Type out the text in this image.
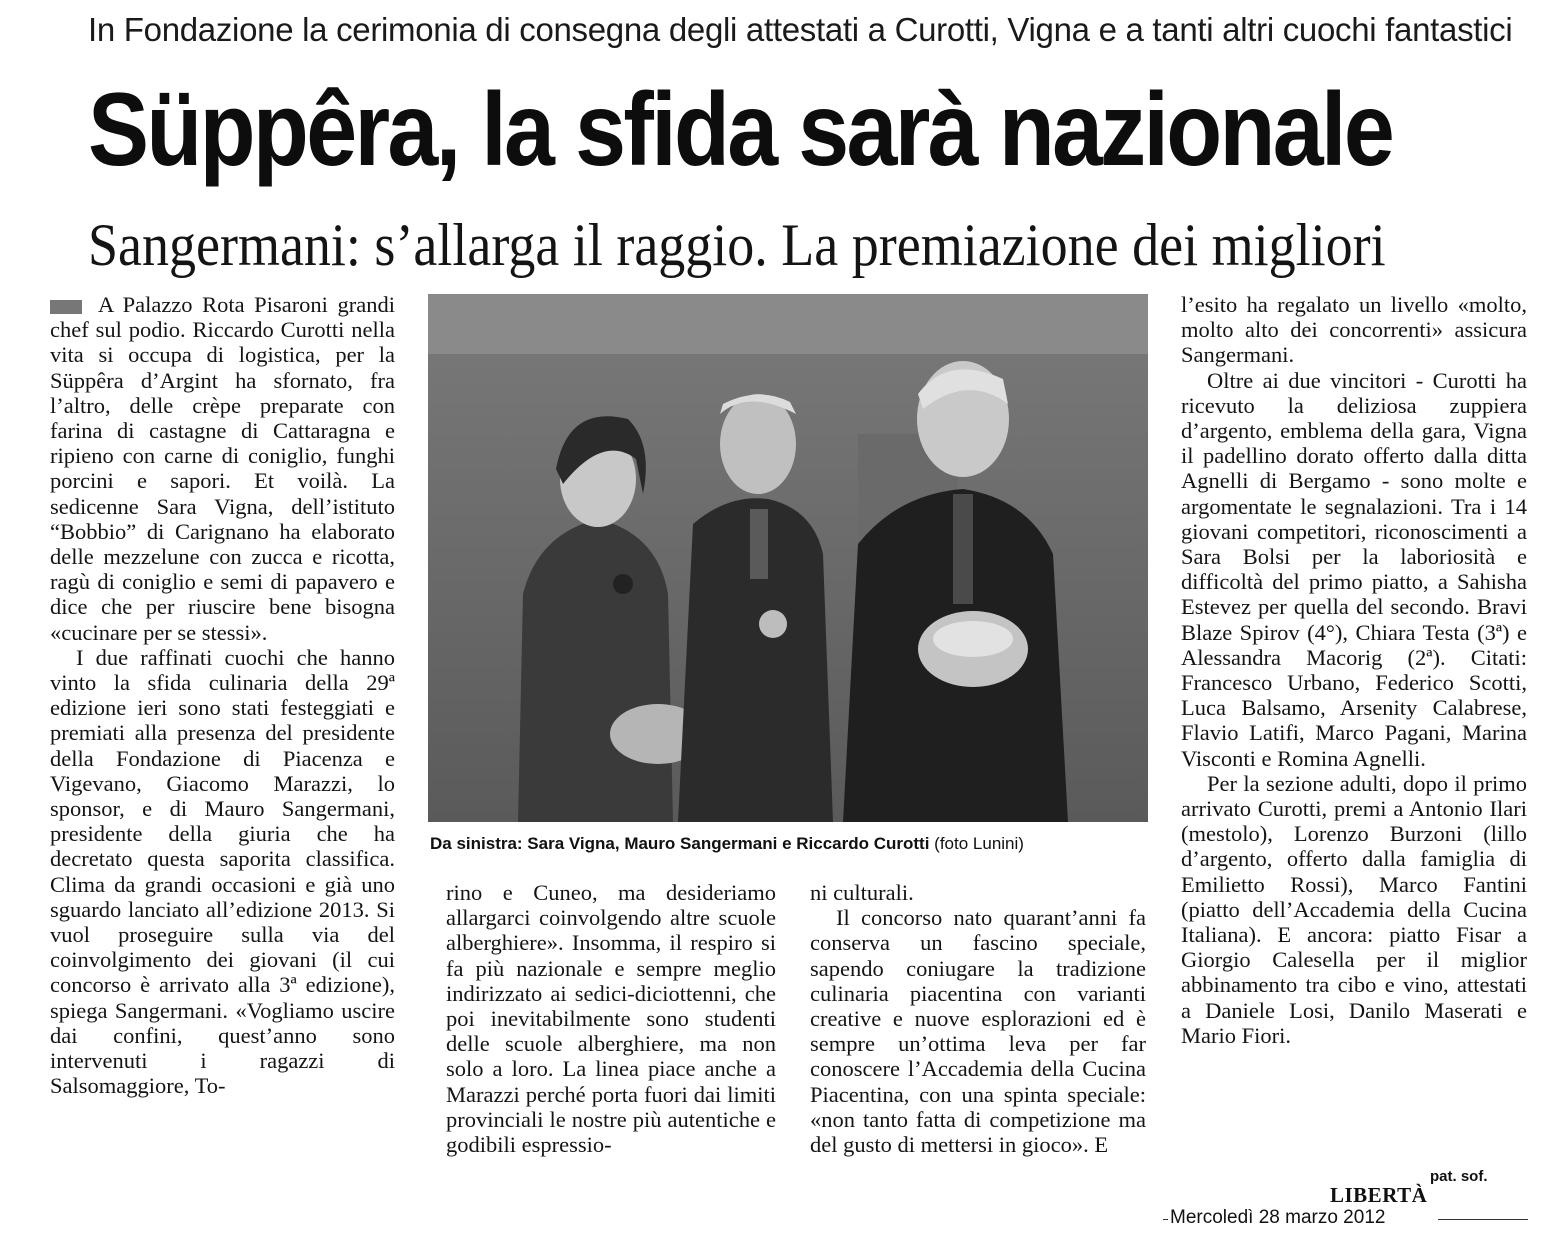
In Fondazione la cerimonia di consegna degli attestati a Curotti, Vigna e a tanti altri cuochi fantastici
Süppêra, la sfida sarà nazionale
Sangermani: s’allarga il raggio. La premiazione dei migliori

A Palazzo Rota Pisaroni grandi chef sul podio. Riccardo Curotti nella vita si occupa di logistica, per la Süppêra d’Argint ha sfornato, fra l’altro, delle crèpe preparate con farina di castagne di Cattaragna e ripieno con carne di coniglio, funghi porcini e sapori. Et voilà. La sedicenne Sara Vigna, dell’istituto “Bobbio” di Carignano ha elaborato delle mezzelune con zucca e ricotta, ragù di coniglio e semi di papavero e dice che per riuscire bene bisogna «cucinare per se stessi».

I due raffinati cuochi che hanno vinto la sfida culinaria della 29ª edizione ieri sono stati festeggiati e premiati alla presenza del presidente della Fondazione di Piacenza e Vigevano, Giacomo Marazzi, lo sponsor, e di Mauro Sangermani, presidente della giuria che ha decretato questa saporita classifica. Clima da grandi occasioni e già uno sguardo lanciato all’edizione 2013. Si vuol proseguire sulla via del coinvolgimento dei giovani (il cui concorso è arrivato alla 3ª edizione), spiega Sangermani. «Vogliamo uscire dai confini, quest’anno sono intervenuti i ragazzi di Salsomaggiore, To-

Da sinistra: Sara Vigna, Mauro Sangermani e Riccardo Curotti (foto Lunini)

rino e Cuneo, ma desideriamo allargarci coinvolgendo altre scuole alberghiere». Insomma, il respiro si fa più nazionale e sempre meglio indirizzato ai sedici-diciottenni, che poi inevitabilmente sono studenti delle scuole alberghiere, ma non solo a loro. La linea piace anche a Marazzi perché porta fuori dai limiti provinciali le nostre più autentiche e godibili espressio-

ni culturali.

Il concorso nato quarant’anni fa conserva un fascino speciale, sapendo coniugare la tradizione culinaria piacentina con varianti creative e nuove esplorazioni ed è sempre un’ottima leva per far conoscere l’Accademia della Cucina Piacentina, con una spinta speciale: «non tanto fatta di competizione ma del gusto di mettersi in gioco». E

l’esito ha regalato un livello «molto, molto alto dei concorrenti» assicura Sangermani.

Oltre ai due vincitori - Curotti ha ricevuto la deliziosa zuppiera d’argento, emblema della gara, Vigna il padellino dorato offerto dalla ditta Agnelli di Bergamo - sono molte e argomentate le segnalazioni. Tra i 14 giovani competitori, riconoscimenti a Sara Bolsi per la laboriosità e difficoltà del primo piatto, a Sahisha Estevez per quella del secondo. Bravi Blaze Spirov (4°), Chiara Testa (3ª) e Alessandra Macorig (2ª). Citati: Francesco Urbano, Federico Scotti, Luca Balsamo, Arsenity Calabrese, Flavio Latifi, Marco Pagani, Marina Visconti e Romina Agnelli.

Per la sezione adulti, dopo il primo arrivato Curotti, premi a Antonio Ilari (mestolo), Lorenzo Burzoni (lillo d’argento, offerto dalla famiglia di Emilietto Rossi), Marco Fantini (piatto dell’Accademia della Cucina Italiana). E ancora: piatto Fisar a Giorgio Calesella per il miglior abbinamento tra cibo e vino, attestati a Daniele Losi, Danilo Maserati e Mario Fiori.

pat. sof.
LIBERTÀ
Mercoledì 28 marzo 2012
